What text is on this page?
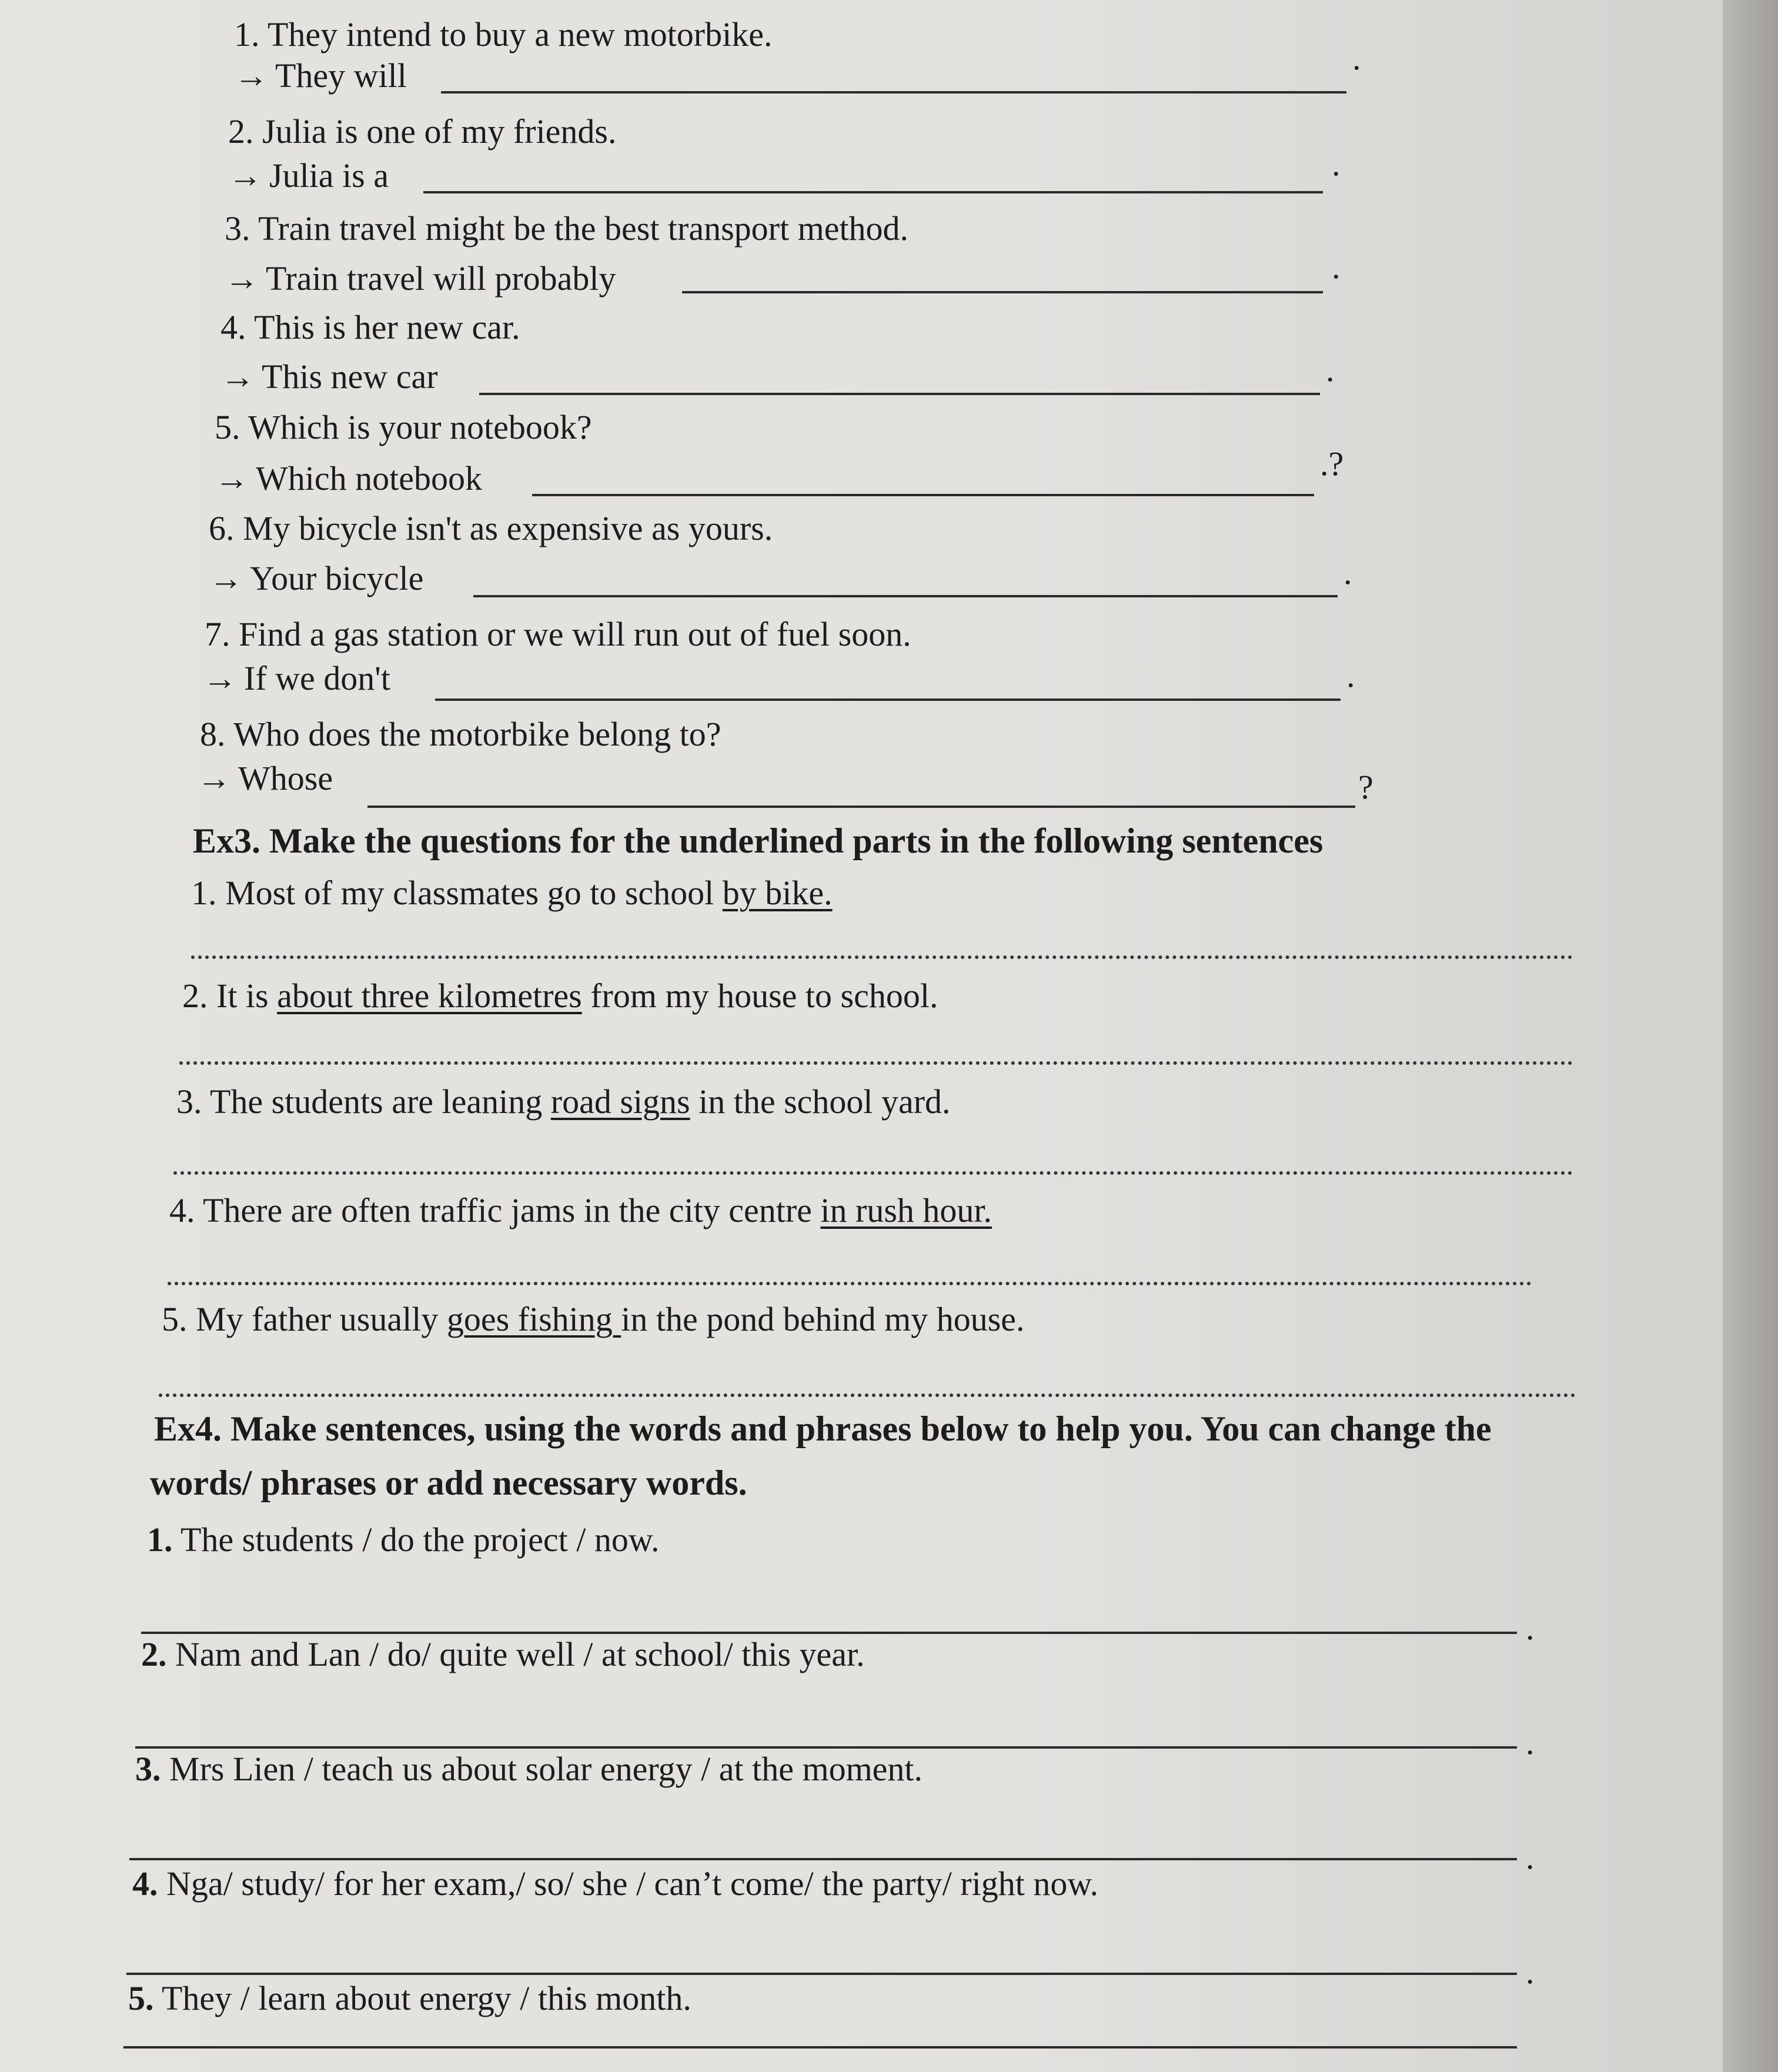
1. They intend to buy a new motorbike.
→ They will	.
2. Julia is one of my friends.
→ Julia is a	.
3. Train travel might be the best transport method.
→ Train travel will probably	.
4. This is her new car.
→ This new car	.
5. Which is your notebook?
→ Which notebook	.?
6. My bicycle isn't as expensive as yours.
→ Your bicycle	.
7. Find a gas station or we will run out of fuel soon.
→ If we don't	.
8. Who does the motorbike belong to?
→ Whose	?
Ex3. Make the questions for the underlined parts in the following sentences
1. Most of my classmates go to school by bike.
2. It is about three kilometres from my house to school.
3. The students are leaning road signs in the school yard.
4. There are often traffic jams in the city centre in rush hour.
5. My father usually goes fishing in the pond behind my house.
Ex4. Make sentences, using the words and phrases below to help you. You can change the
words/ phrases or add necessary words.
1. The students / do the project / now.
.
2. Nam and Lan / do/ quite well / at school/ this year.
.
3. Mrs Lien / teach us about solar energy / at the moment.
.
4. Nga/ study/ for her exam,/ so/ she / can’t come/ the party/ right now.
.
5. They / learn about energy / this month.
